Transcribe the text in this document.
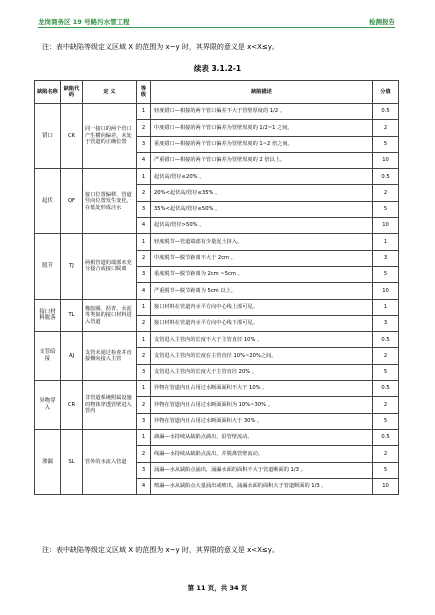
龙岗商务区 19 号路污水管工程	检测报告
注：表中缺陷等级定义区域 X 的范围为 x~y 时，其界限的意义是 x<X≤y。
续表 3.1.2-1
缺陷名称	缺陷代码	定 义	等级	缺陷描述	分值
错口	CK	同一接口的两个管口产生横向偏差，未处于管道的正确位置	1	轻度错口—相接的两个管口偏差不大于管壁厚度的 1/2 。	0.5
			2	中度错口—相接的两个管口偏差为管壁厚度的 1/2~1 之间。	2
			3	重度错口—相接的两个管口偏差为管壁厚度的 1~2 倍之间。	5
			4	严重错口—相接的两个管口偏差为管壁厚度的 2 倍以上。	10
起伏	QF	接口位置偏移，管道竖向位置发生变化，在低处形成洼水	1	起伏高/管径≤20% 。	0.5
			2	20%<起伏高/管径≤35% 。	2
			3	35%<起伏高/管径≤50% 。	5
			4	起伏高/管径>50% 。	10
脱节	TJ	两根管道的端部未充分接合或接口脱离	1	轻度脱节—管道端部有少量泥土挤入。	1
			2	中度脱节—脱节距离不大于 2cm 。	3
			3	重度脱节—脱节距离为 2cm ~5cm 。	5
			4	严重脱节—脱节距离为 5cm 以上。	10
接口材料脱落	TL	橡胶圈、沥青、水泥等类似的接口材料进入管道	1	接口材料在管道内水平方向中心线上部可见。	1
			2	接口材料在管道内水平方向中心线下部可见。	3
支管暗接	AJ	支管未通过检查井直接侧向接入主管	1	支管进入主管内的长度不大于主管直径 10% 。	0.5
			2	支管进入主管内的长度在主管直径 10%~20%之间。	2
			3	支管进入主管内的长度大于主管直径 20% 。	5
异物穿入	CR	非管道系统附属设施的物体穿透管壁进入管内	1	异物在管道内且占用过水断面面积不大于 10% 。	0.5
			2	异物在管道内且占用过水断面面积为 10%~30% 。	2
			3	异物在管道内且占用过水断面面积大于 30% 。	5
渗漏	SL	管外的水流入管道	1	滴漏—水持续从缺陷点滴出，沿管壁流动。	0.5
			2	线漏—水持续从缺陷点流出，并脱离管壁流动。	2
			3	涌漏—水从缺陷点涌出，涌漏水面的面积不大于管道断面的 1/3 。	5
			4	喷漏—水从缺陷点大量涌出或喷出，涌漏水面的面积大于管道断面的 1/3 。	10
注：表中缺陷等级定义区域 X 的范围为 x~y 时，其界限的意义是 x<X≤y。
第 11 页，共 34 页
